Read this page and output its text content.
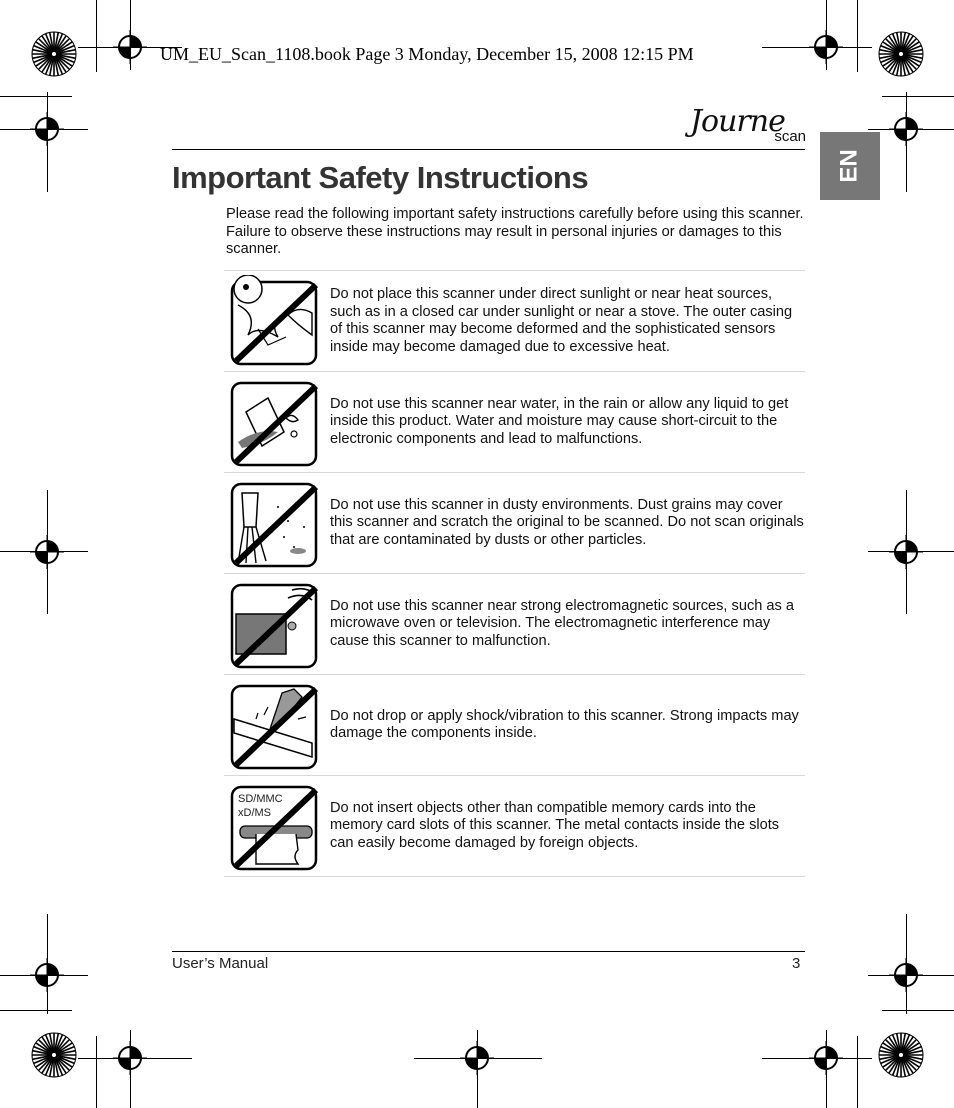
UM_EU_Scan_1108.book Page 3 Monday, December 15, 2008 12:15 PM
Journe
scan
EN
Important Safety Instructions
Please read the following important safety instructions carefully before using this scanner. Failure to observe these instructions may result in personal injuries or damages to this scanner.
Do not place this scanner under direct sunlight or near heat sources, such as in a closed car under sunlight or near a stove. The outer casing of this scanner may become deformed and the sophisticated sensors inside may become damaged due to excessive heat.
Do not use this scanner near water, in the rain or allow any liquid to get inside this product. Water and moisture may cause short-circuit to the electronic components and lead to malfunctions.
Do not use this scanner in dusty environments. Dust grains may cover this scanner and scratch the original to be scanned. Do not scan originals that are contaminated by dusts or other particles.
Do not use this scanner near strong electromagnetic sources, such as a microwave oven or television. The electromagnetic interference may cause this scanner to malfunction.
Do not drop or apply shock/vibration to this scanner. Strong impacts may damage the components inside.
SD/MMC
xD/MS	Do not insert objects other than compatible memory cards into the memory card slots of this scanner. The metal contacts inside the slots can easily become damaged by foreign objects.
User’s Manual	3
